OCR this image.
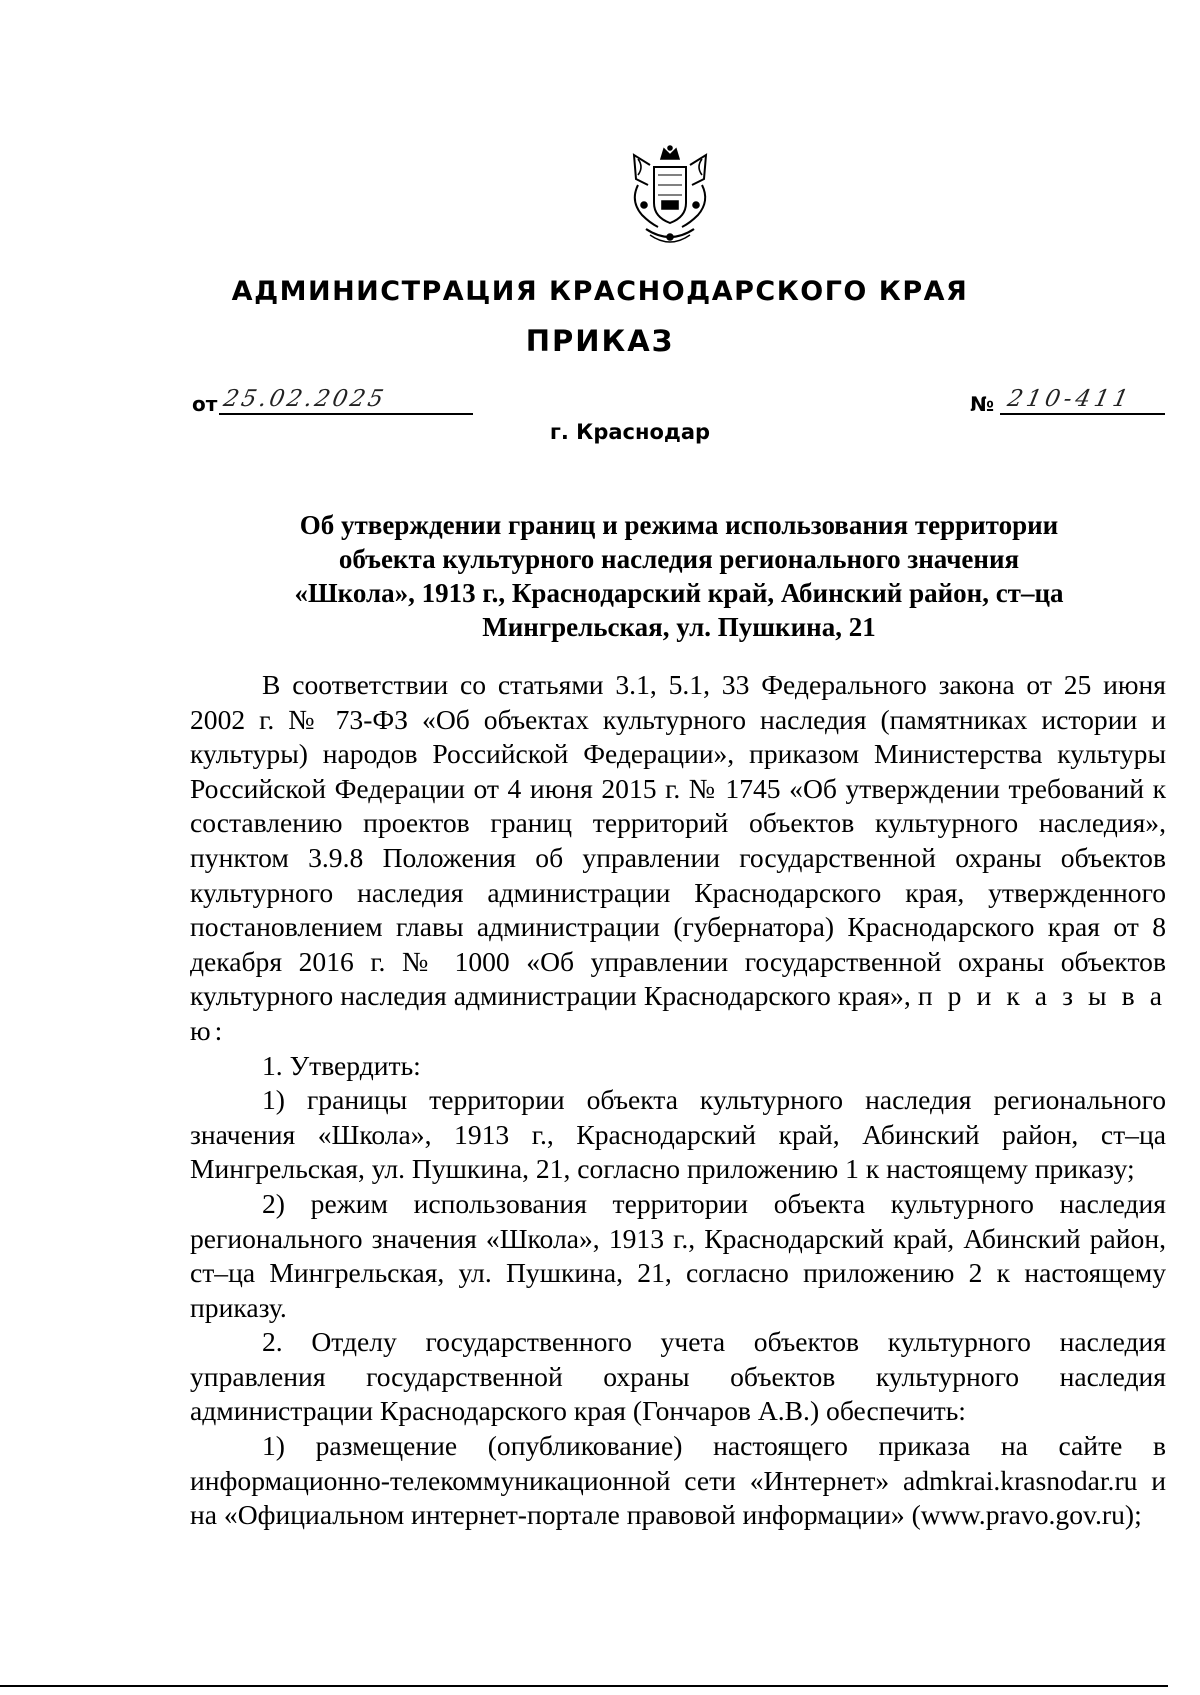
АДМИНИСТРАЦИЯ КРАСНОДАРСКОГО КРАЯ
ПРИКАЗ
от 25.02.2025	№ 210-411
г. Краснодар
Об утверждении границ и режима использования территории объекта культурного наследия регионального значения «Школа», 1913 г., Краснодарский край, Абинский район, ст–ца Мингрельская, ул. Пушкина, 21

В соответствии со статьями 3.1, 5.1, 33 Федерального закона от 25 июня 2002 г. № 73-ФЗ «Об объектах культурного наследия (памятниках истории и культуры) народов Российской Федерации», приказом Министерства культуры Российской Федерации от 4 июня 2015 г. № 1745 «Об утверждении требований к составлению проектов границ территорий объектов культурного наследия», пунктом 3.9.8 Положения об управлении государственной охраны объектов культурного наследия администрации Краснодарского края, утвержденного постановлением главы администрации (губернатора) Краснодарского края от 8 декабря 2016 г. № 1000 «Об управлении государственной охраны объектов культурного наследия администрации Краснодарского края», п р и к а з ы в а ю:

1. Утвердить:

1) границы территории объекта культурного наследия регионального значения «Школа», 1913 г., Краснодарский край, Абинский район, ст–ца Мингрельская, ул. Пушкина, 21, согласно приложению 1 к настоящему приказу;

2) режим использования территории объекта культурного наследия регионального значения «Школа», 1913 г., Краснодарский край, Абинский район, ст–ца Мингрельская, ул. Пушкина, 21, согласно приложению 2 к настоящему приказу.

2. Отделу государственного учета объектов культурного наследия управления государственной охраны объектов культурного наследия администрации Краснодарского края (Гончаров А.В.) обеспечить:

1) размещение (опубликование) настоящего приказа на сайте в информационно-телекоммуникационной сети «Интернет» admkrai.krasnodar.ru и на «Официальном интернет-портале правовой информации» (www.pravo.gov.ru);
